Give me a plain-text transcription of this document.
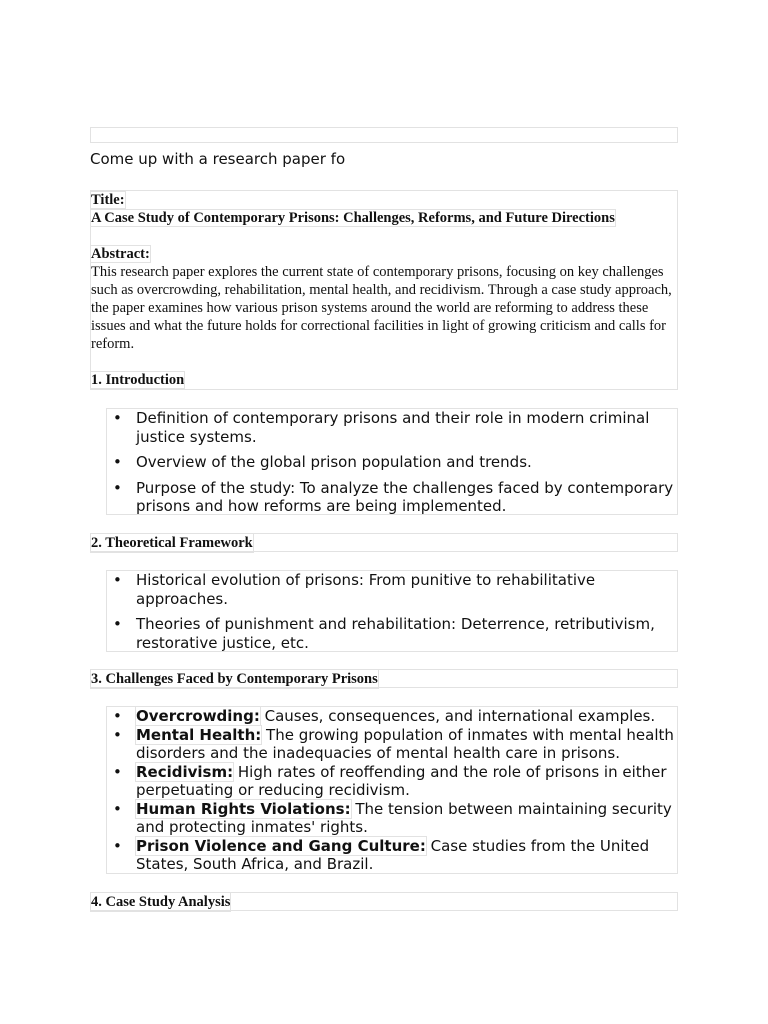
Come up with a research paper fo
Title:
A Case Study of Contemporary Prisons: Challenges, Reforms, and Future Directions
Abstract:

This research paper explores the current state of contemporary prisons, focusing on key challenges such as overcrowding, rehabilitation, mental health, and recidivism. Through a case study approach, the paper examines how various prison systems around the world are reforming to address these issues and what the future holds for correctional facilities in light of growing criticism and calls for reform.

1. Introduction
• Definition of contemporary prisons and their role in modern criminal justice systems.
• Overview of the global prison population and trends.
• Purpose of the study: To analyze the challenges faced by contemporary prisons and how reforms are being implemented.
2. Theoretical Framework
• Historical evolution of prisons: From punitive to rehabilitative approaches.
• Theories of punishment and rehabilitation: Deterrence, retributivism, restorative justice, etc.
3. Challenges Faced by Contemporary Prisons
• Overcrowding: Causes, consequences, and international examples.
• Mental Health: The growing population of inmates with mental health disorders and the inadequacies of mental health care in prisons.
• Recidivism: High rates of reoffending and the role of prisons in either perpetuating or reducing recidivism.
• Human Rights Violations: The tension between maintaining security and protecting inmates' rights.
• Prison Violence and Gang Culture: Case studies from the United States, South Africa, and Brazil.
4. Case Study Analysis
